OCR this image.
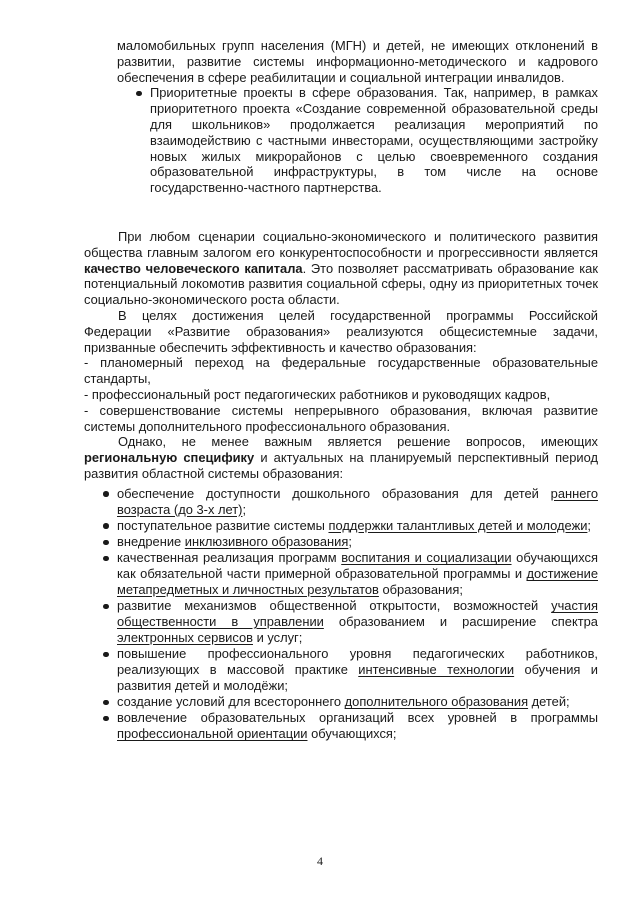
маломобильных групп населения (МГН) и детей, не имеющих отклонений в развитии, развитие системы информационно-методического и кадрового обеспечения в сфере реабилитации и социальной интеграции инвалидов.

Приоритетные проекты в сфере образования. Так, например, в рамках приоритетного проекта «Создание современной образовательной среды для школьников» продолжается реализация мероприятий по взаимодействию с частными инвесторами, осуществляющими застройку новых жилых микрорайонов с целью своевременного создания образовательной инфраструктуры, в том числе на основе государственно-частного партнерства.

При любом сценарии социально-экономического и политического развития общества главным залогом его конкурентоспособности и прогрессивности является качество человеческого капитала. Это позволяет рассматривать образование как потенциальный локомотив развития социальной сферы, одну из приоритетных точек социально-экономического роста области.

В целях достижения целей государственной программы Российской Федерации «Развитие образования» реализуются общесистемные задачи, призванные обеспечить эффективность и качество образования:

- планомерный переход на федеральные государственные образовательные стандарты,

- профессиональный рост педагогических работников и руководящих кадров,

- совершенствование системы непрерывного образования, включая развитие системы дополнительного профессионального образования.

Однако, не менее важным является решение вопросов, имеющих региональную специфику и актуальных на планируемый перспективный период развития областной системы образования:

обеспечение доступности дошкольного образования для детей раннего возраста (до 3-х лет);
поступательное развитие системы поддержки талантливых детей и молодежи;
внедрение инклюзивного образования;
качественная реализация программ воспитания и социализации обучающихся как обязательной части примерной образовательной программы и достижение метапредметных и личностных результатов образования;
развитие механизмов общественной открытости, возможностей участия общественности в управлении образованием и расширение спектра электронных сервисов и услуг;
повышение профессионального уровня педагогических работников, реализующих в массовой практике интенсивные технологии обучения и развития детей и молодёжи;
создание условий для всестороннего дополнительного образования детей;
вовлечение образовательных организаций всех уровней в программы профессиональной ориентации обучающихся;
4
